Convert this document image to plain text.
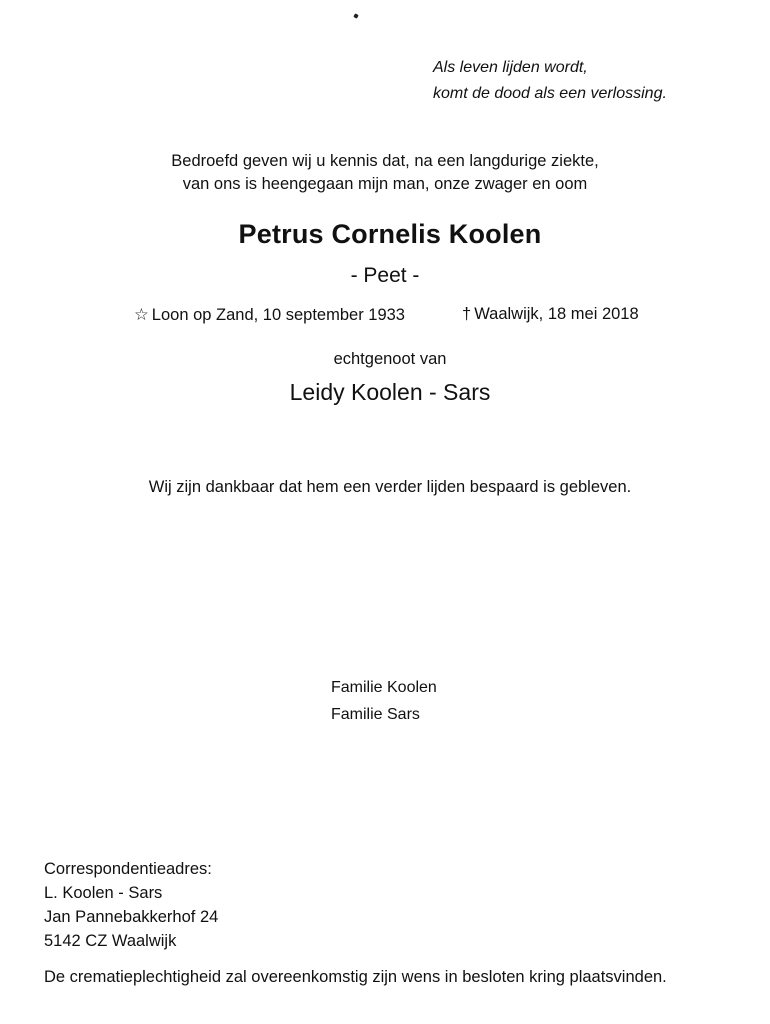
Als leven lijden wordt,
komt de dood als een verlossing.
Bedroefd geven wij u kennis dat, na een langdurige ziekte,
van ons is heengegaan mijn man, onze zwager en oom
Petrus Cornelis Koolen
- Peet -
☆ Loon op Zand, 10 september 1933	† Waalwijk, 18 mei 2018
echtgenoot van
Leidy Koolen - Sars
Wij zijn dankbaar dat hem een verder lijden bespaard is gebleven.
Familie Koolen
Familie Sars
Correspondentieadres:
L. Koolen - Sars
Jan Pannebakkerhof 24
5142 CZ Waalwijk
De crematieplechtigheid zal overeenkomstig zijn wens in besloten kring plaatsvinden.
